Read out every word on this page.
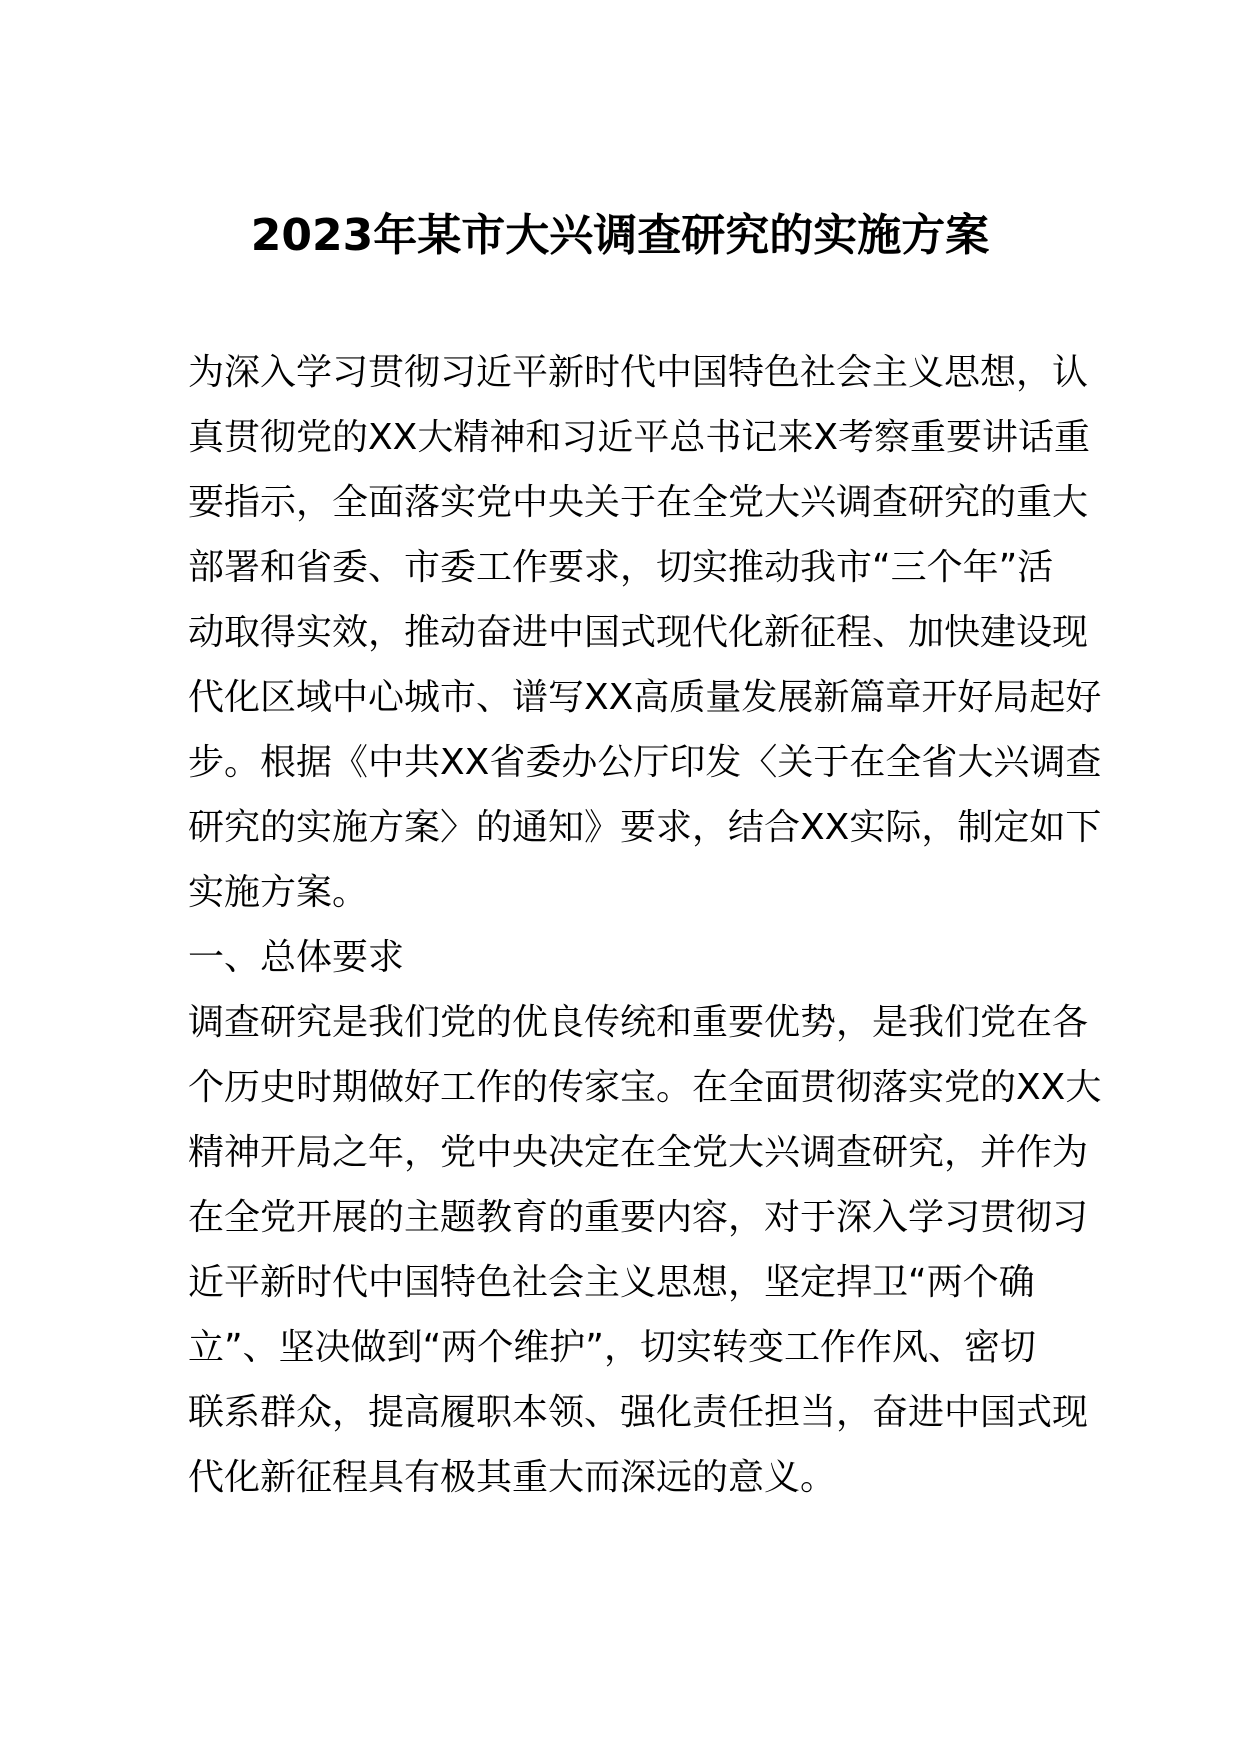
2023年某市大兴调查研究的实施方案
为深入学习贯彻习近平新时代中国特色社会主义思想，认
真贯彻党的XX大精神和习近平总书记来X考察重要讲话重
要指示，全面落实党中央关于在全党大兴调查研究的重大
部署和省委、市委工作要求，切实推动我市“三个年”活
动取得实效，推动奋进中国式现代化新征程、加快建设现
代化区域中心城市、谱写XX高质量发展新篇章开好局起好
步。根据《中共XX省委办公厅印发〈关于在全省大兴调查
研究的实施方案〉的通知》要求，结合XX实际，制定如下
实施方案。
一、总体要求
调查研究是我们党的优良传统和重要优势，是我们党在各
个历史时期做好工作的传家宝。在全面贯彻落实党的XX大
精神开局之年，党中央决定在全党大兴调查研究，并作为
在全党开展的主题教育的重要内容，对于深入学习贯彻习
近平新时代中国特色社会主义思想，坚定捍卫“两个确
立”、坚决做到“两个维护”，切实转变工作作风、密切
联系群众，提高履职本领、强化责任担当，奋进中国式现
代化新征程具有极其重大而深远的意义。
